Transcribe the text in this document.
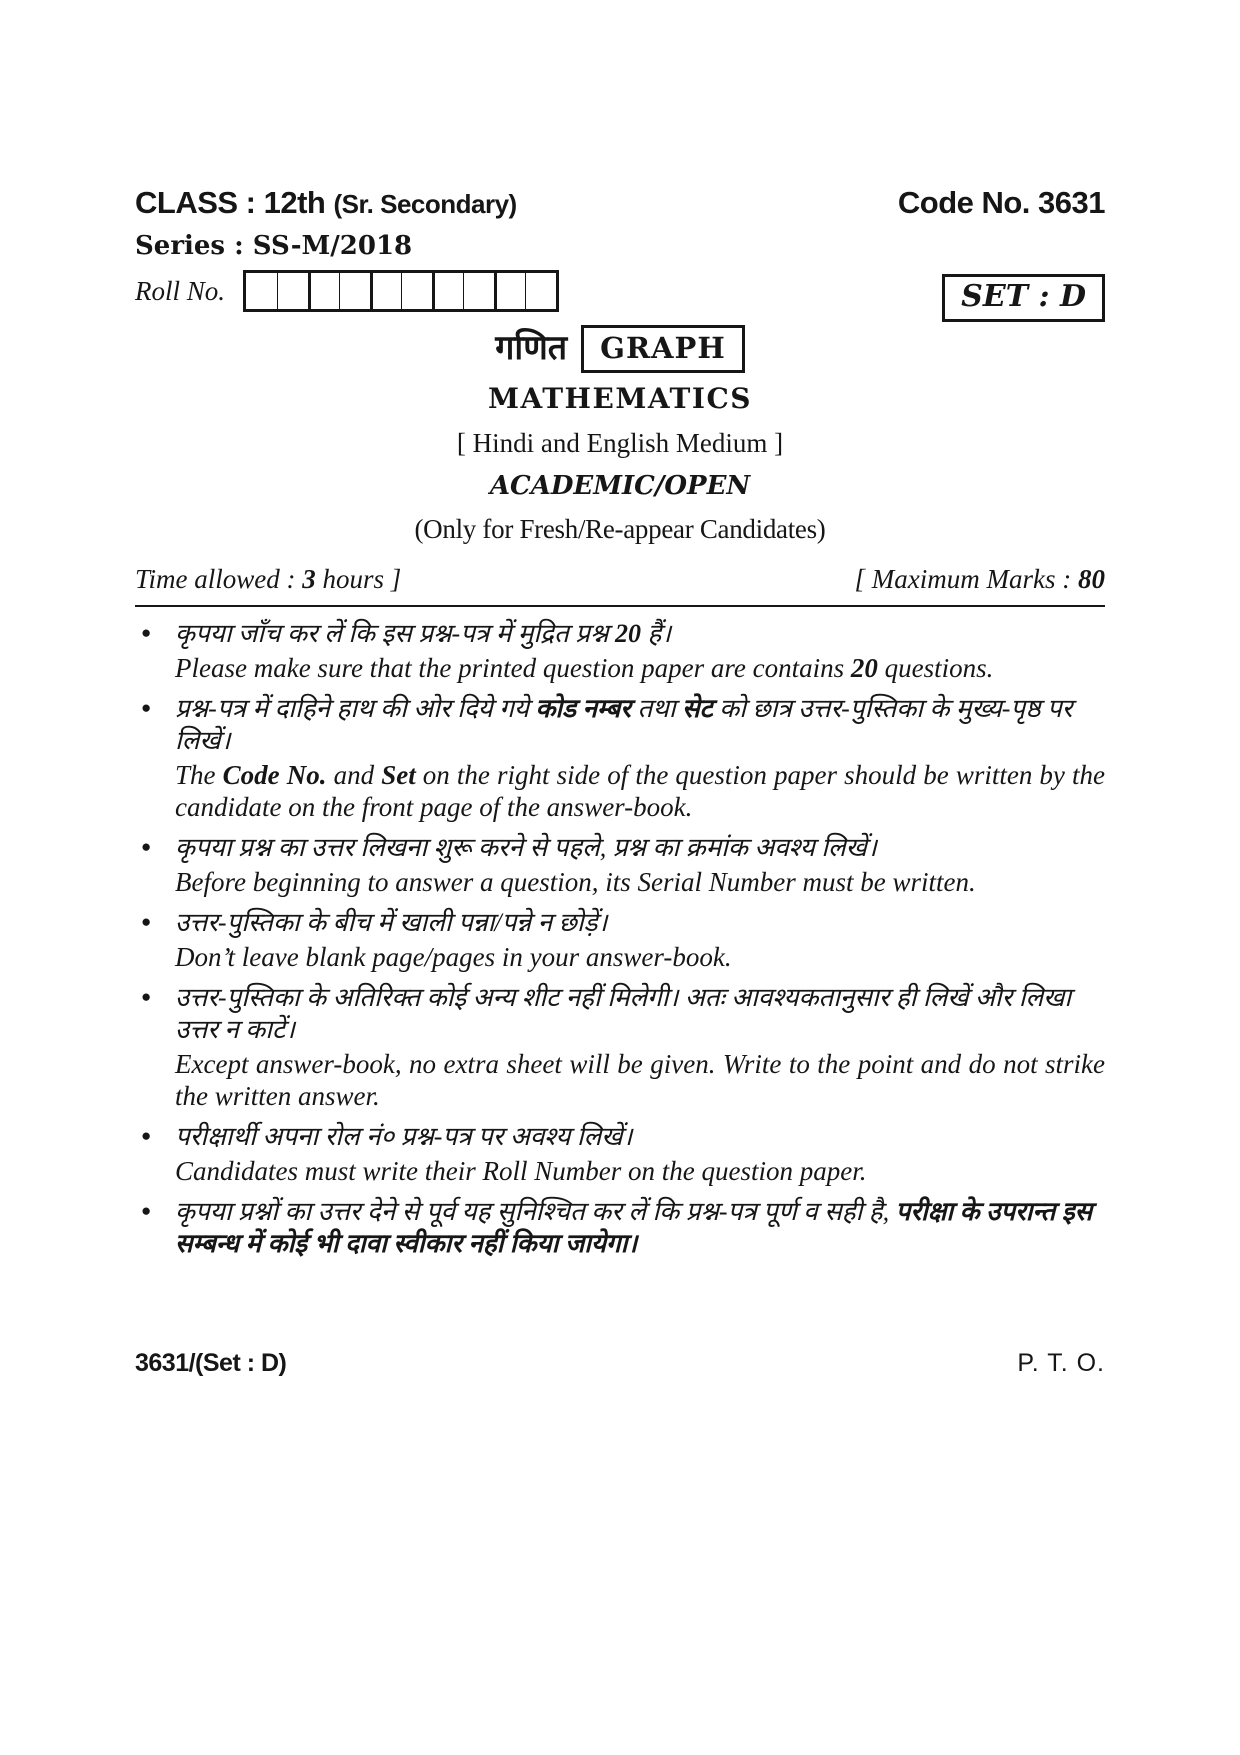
CLASS : 12th (Sr. Secondary)	Code No. 3631
Series : SS-M/2018
Roll No.	SET : D
गणित	GRAPH
MATHEMATICS
[ Hindi and English Medium ]
ACADEMIC/OPEN
(Only for Fresh/Re-appear Candidates)
Time allowed : 3 hours ]	[ Maximum Marks : 80
● कृपया जाँच कर लें कि इस प्रश्न-पत्र में मुद्रित प्रश्न 20 हैं।

Please make sure that the printed question paper are contains 20 questions.

● प्रश्न-पत्र में दाहिने हाथ की ओर दिये गये कोड नम्बर तथा सेट को छात्र उत्तर-पुस्तिका के मुख्य-पृष्ठ पर लिखें।

The Code No. and Set on the right side of the question paper should be written by the candidate on the front page of the answer-book.

● कृपया प्रश्न का उत्तर लिखना शुरू करने से पहले, प्रश्न का क्रमांक अवश्य लिखें।

Before beginning to answer a question, its Serial Number must be written.

● उत्तर-पुस्तिका के बीच में खाली पन्ना/पन्ने न छोड़ें।

Don’t leave blank page/pages in your answer-book.

● उत्तर-पुस्तिका के अतिरिक्त कोई अन्य शीट नहीं मिलेगी। अतः आवश्यकतानुसार ही लिखें और लिखा उत्तर न काटें।

Except answer-book, no extra sheet will be given. Write to the point and do not strike the written answer.

● परीक्षार्थी अपना रोल नं० प्रश्न-पत्र पर अवश्य लिखें।

Candidates must write their Roll Number on the question paper.

● कृपया प्रश्नों का उत्तर देने से पूर्व यह सुनिश्चित कर लें कि प्रश्न-पत्र पूर्ण व सही है, परीक्षा के उपरान्त इस सम्बन्ध में कोई भी दावा स्वीकार नहीं किया जायेगा।

3631/(Set : D)	P. T. O.
